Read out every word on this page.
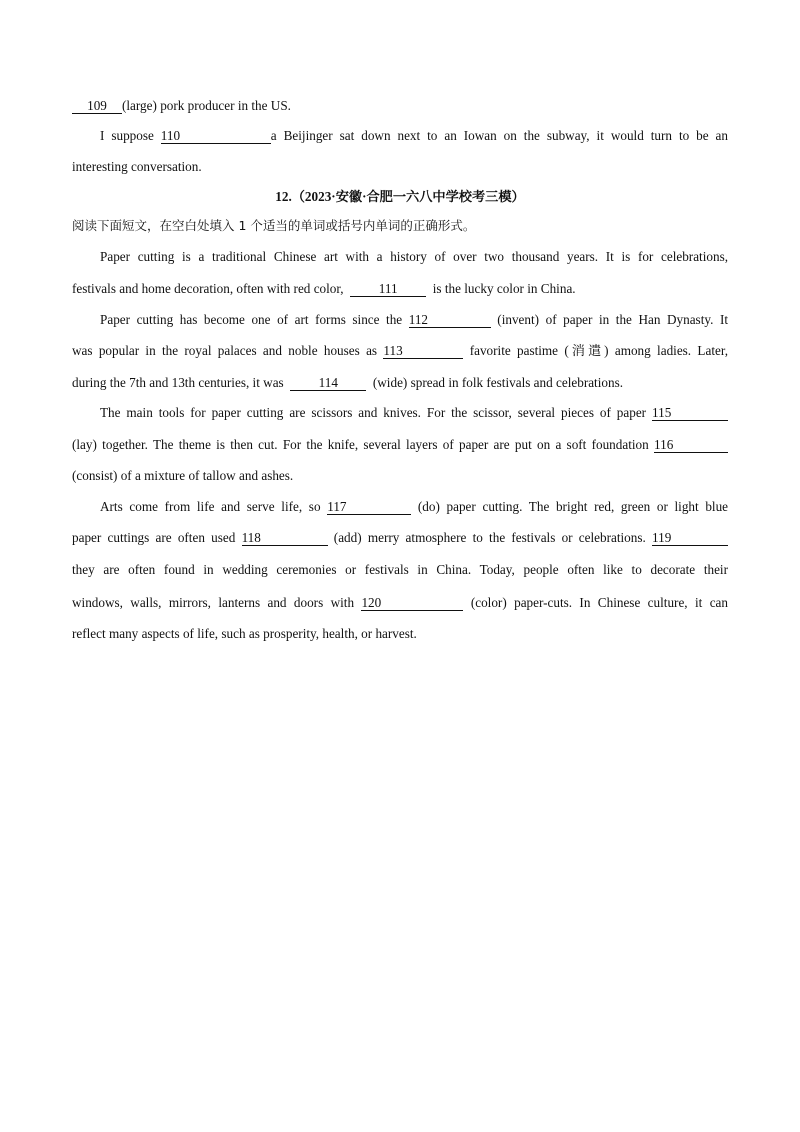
109 (large) pork producer in the US.
I suppose 110	a Beijinger sat down next to an Iowan on the subway, it would turn to be an
interesting conversation.
12.（2023·安徽·合肥一六八中学校考三模）
阅读下面短文，在空白处填入 1 个适当的单词或括号内单词的正确形式。
Paper cutting is a traditional Chinese art with a history of over two thousand years. It is for celebrations,
festivals and home decoration, often with red color,	111	is the lucky color in China.
Paper cutting has become one of art forms since the 112	(invent) of paper in the Han Dynasty. It
was popular in the royal palaces and noble houses as 113	favorite pastime (消遣) among ladies. Later,
during the 7th and 13th centuries, it was	114	(wide) spread in folk festivals and celebrations.
The main tools for paper cutting are scissors and knives. For the scissor, several pieces of paper 115
(lay) together. The theme is then cut. For the knife, several layers of paper are put on a soft foundation 116
(consist) of a mixture of tallow and ashes.
Arts come from life and serve life, so 117	(do) paper cutting. The bright red, green or light blue
paper cuttings are often used 118	(add) merry atmosphere to the festivals or celebrations. 119
they are often found in wedding ceremonies or festivals in China. Today, people often like to decorate their
windows, walls, mirrors, lanterns and doors with 120	(color) paper-cuts. In Chinese culture, it can
reflect many aspects of life, such as prosperity, health, or harvest.
